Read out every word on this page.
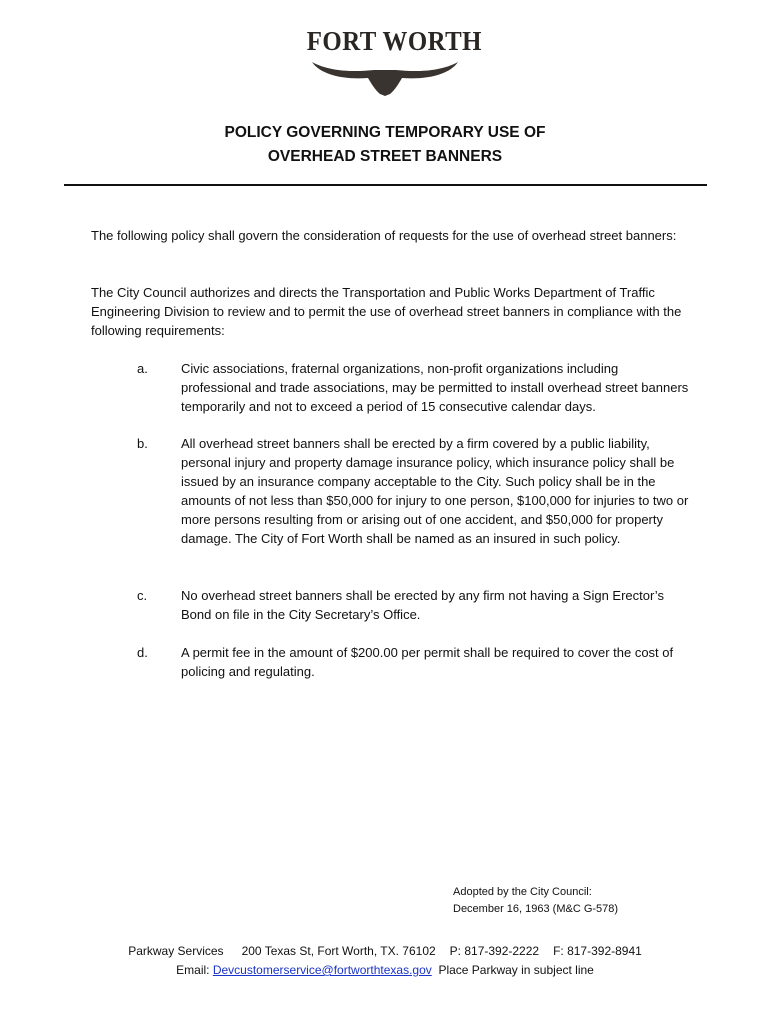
FORT WORTH
POLICY GOVERNING TEMPORARY USE OF
OVERHEAD STREET BANNERS

The following policy shall govern the consideration of requests for the use of overhead street banners:

The City Council authorizes and directs the Transportation and Public Works Department of Traffic Engineering Division to review and to permit the use of overhead street banners in compliance with the following requirements:

a.	Civic associations, fraternal organizations, non-profit organizations including professional and trade associations, may be permitted to install overhead street banners temporarily and not to exceed a period of 15 consecutive calendar days.

b.	All overhead street banners shall be erected by a firm covered by a public liability, personal injury and property damage insurance policy, which insurance policy shall be issued by an insurance company acceptable to the City. Such policy shall be in the amounts of not less than $50,000 for injury to one person, $100,000 for injuries to two or more persons resulting from or arising out of one accident, and $50,000 for property damage. The City of Fort Worth shall be named as an insured in such policy.

c.	No overhead street banners shall be erected by any firm not having a Sign Erector’s Bond on file in the City Secretary’s Office.

d.	A permit fee in the amount of $200.00 per permit shall be required to cover the cost of policing and regulating.

Adopted by the City Council:
December 16, 1963 (M&C G-578)
Parkway Services 200 Texas St, Fort Worth, TX. 76102 P: 817-392-2222 F: 817-392-8941
Email: Devcustomerservice@fortworthtexas.gov Place Parkway in subject line
